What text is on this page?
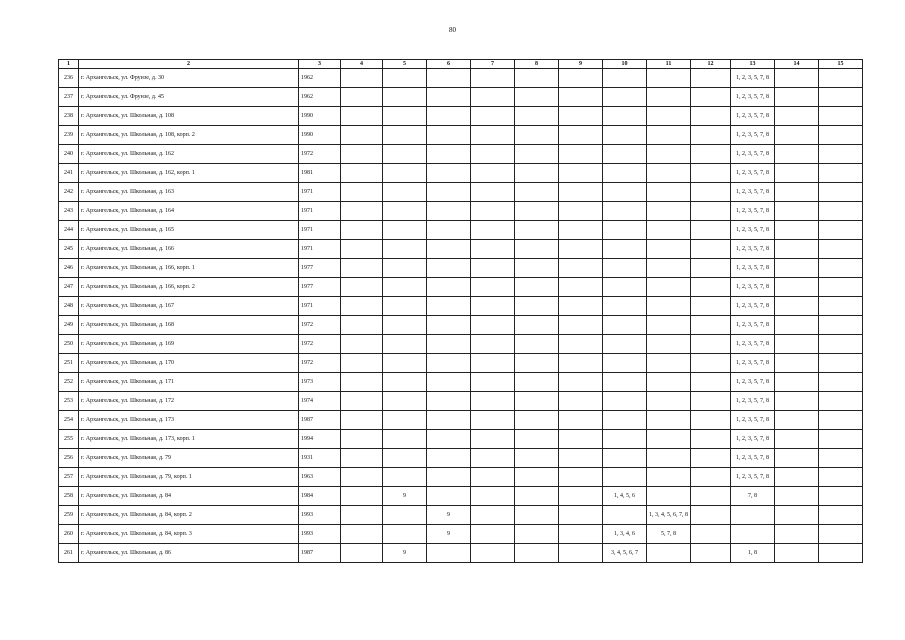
80
1	2	3	4	5	6	7	8	9	10	11	12	13	14	15
236	г. Архангельск, ул. Фрунзе, д. 30	1962										1, 2, 3, 5, 7, 8		
237	г. Архангельск, ул. Фрунзе, д. 45	1962										1, 2, 3, 5, 7, 8		
238	г. Архангельск, ул. Школьная, д. 108	1990										1, 2, 3, 5, 7, 8		
239	г. Архангельск, ул. Школьная, д. 108, корп. 2	1990										1, 2, 3, 5, 7, 8		
240	г. Архангельск, ул. Школьная, д. 162	1972										1, 2, 3, 5, 7, 8		
241	г. Архангельск, ул. Школьная, д. 162, корп. 1	1981										1, 2, 3, 5, 7, 8		
242	г. Архангельск, ул. Школьная, д. 163	1971										1, 2, 3, 5, 7, 8		
243	г. Архангельск, ул. Школьная, д. 164	1971										1, 2, 3, 5, 7, 8		
244	г. Архангельск, ул. Школьная, д. 165	1971										1, 2, 3, 5, 7, 8		
245	г. Архангельск, ул. Школьная, д. 166	1971										1, 2, 3, 5, 7, 8		
246	г. Архангельск, ул. Школьная, д. 166, корп. 1	1977										1, 2, 3, 5, 7, 8		
247	г. Архангельск, ул. Школьная, д. 166, корп. 2	1977										1, 2, 3, 5, 7, 8		
248	г. Архангельск, ул. Школьная, д. 167	1971										1, 2, 3, 5, 7, 8		
249	г. Архангельск, ул. Школьная, д. 168	1972										1, 2, 3, 5, 7, 8		
250	г. Архангельск, ул. Школьная, д. 169	1972										1, 2, 3, 5, 7, 8		
251	г. Архангельск, ул. Школьная, д. 170	1972										1, 2, 3, 5, 7, 8		
252	г. Архангельск, ул. Школьная, д. 171	1973										1, 2, 3, 5, 7, 8		
253	г. Архангельск, ул. Школьная, д. 172	1974										1, 2, 3, 5, 7, 8		
254	г. Архангельск, ул. Школьная, д. 173	1987										1, 2, 3, 5, 7, 8		
255	г. Архангельск, ул. Школьная, д. 173, корп. 1	1994										1, 2, 3, 5, 7, 8		
256	г. Архангельск, ул. Школьная, д. 79	1931										1, 2, 3, 5, 7, 8		
257	г. Архангельск, ул. Школьная, д. 79, корп. 1	1963										1, 2, 3, 5, 7, 8		
258	г. Архангельск, ул. Школьная, д. 84	1984		9					1, 4, 5, 6			7, 8		
259	г. Архангельск, ул. Школьная, д. 84, корп. 2	1993			9					1, 3, 4, 5, 6, 7, 8				
260	г. Архангельск, ул. Школьная, д. 84, корп. 3	1993			9				1, 3, 4, 6	5, 7, 8				
261	г. Архангельск, ул. Школьная, д. 86	1987		9					3, 4, 5, 6, 7			1, 8		
